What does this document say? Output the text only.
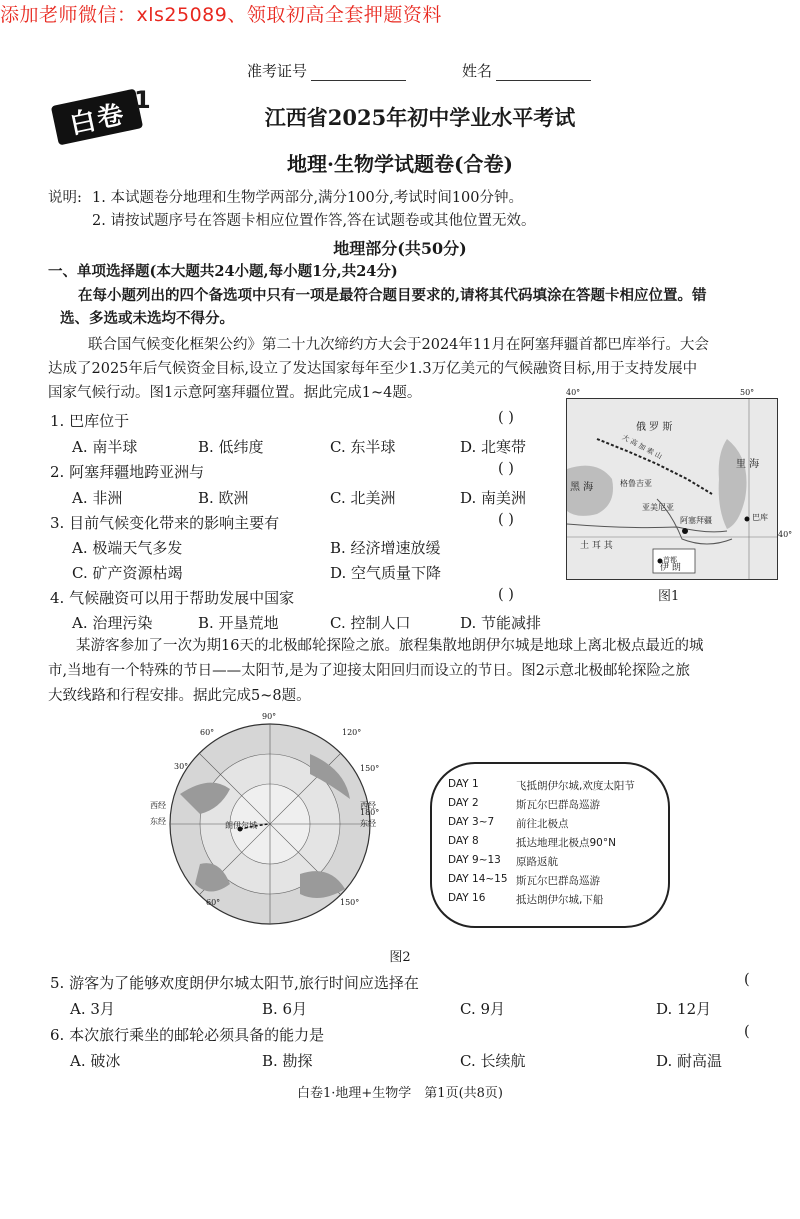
添加老师微信：xls25089、领取初高全套押题资料
准考证号	姓名
白卷 1
江西省2025年初中学业水平考试
地理·生物学试题卷(合卷)
说明: 1. 本试题卷分地理和生物学两部分,满分100分,考试时间100分钟。
2. 请按试题序号在答题卡相应位置作答,答在试题卷或其他位置无效。
地理部分(共50分)
一、单项选择题(本大题共24小题,每小题1分,共24分)
在每小题列出的四个备选项中只有一项是最符合题目要求的,请将其代码填涂在答题卡相应位置。错
选、多选或未选均不得分。
联合国气候变化框架公约》第二十九次缔约方大会于2024年11月在阿塞拜疆首都巴库举行。大会
达成了2025年后气候资金目标,设立了发达国家每年至少1.3万亿美元的气候融资目标,用于支持发展中
国家气候行动。图1示意阿塞拜疆位置。据此完成1~4题。
1. 巴库位于	( )
A. 南半球	B. 低纬度	C. 东半球	D. 北寒带
2. 阿塞拜疆地跨亚洲与	( )
A. 非洲	B. 欧洲	C. 北美洲	D. 南美洲
3. 目前气候变化带来的影响主要有	( )
A. 极端天气多发	B. 经济增速放缓
C. 矿产资源枯竭	D. 空气质量下降
4. 气候融资可以用于帮助发展中国家	( )
A. 治理污染	B. 开垦荒地	C. 控制人口	D. 节能减排
40°	50°
40°
俄 罗 斯
里 海
黑 海	格鲁吉亚
亚美尼亚
阿塞拜疆
土 耳 其
伊 朗
巴库
大 高 加 索 山
首都
图1
某游客参加了一次为期16天的北极邮轮探险之旅。旅程集散地朗伊尔城是地球上离北极点最近的城
市,当地有一个特殊的节日——太阳节,是为了迎接太阳回归而设立的节日。图2示意北极邮轮探险之旅
大致线路和行程安排。据此完成5~8题。
90°
120°
150°
60°
30°
60°	150°
180°
西经
东经
西经
东经
朗伊尔城
DAY 1	飞抵朗伊尔城,欢度太阳节
DAY 2	斯瓦尔巴群岛巡游
DAY 3~7 前往北极点
DAY 8	抵达地理北极点90°N
DAY 9~13 原路返航
DAY 14~15 斯瓦尔巴群岛巡游
DAY 16	抵达朗伊尔城,下船
图2
5. 游客为了能够欢度朗伊尔城太阳节,旅行时间应选择在	(
A. 3月	B. 6月	C. 9月	D. 12月
6. 本次旅行乘坐的邮轮必须具备的能力是	(
A. 破冰	B. 勘探	C. 长续航	D. 耐高温
白卷1·地理+生物学　第1页(共8页)
